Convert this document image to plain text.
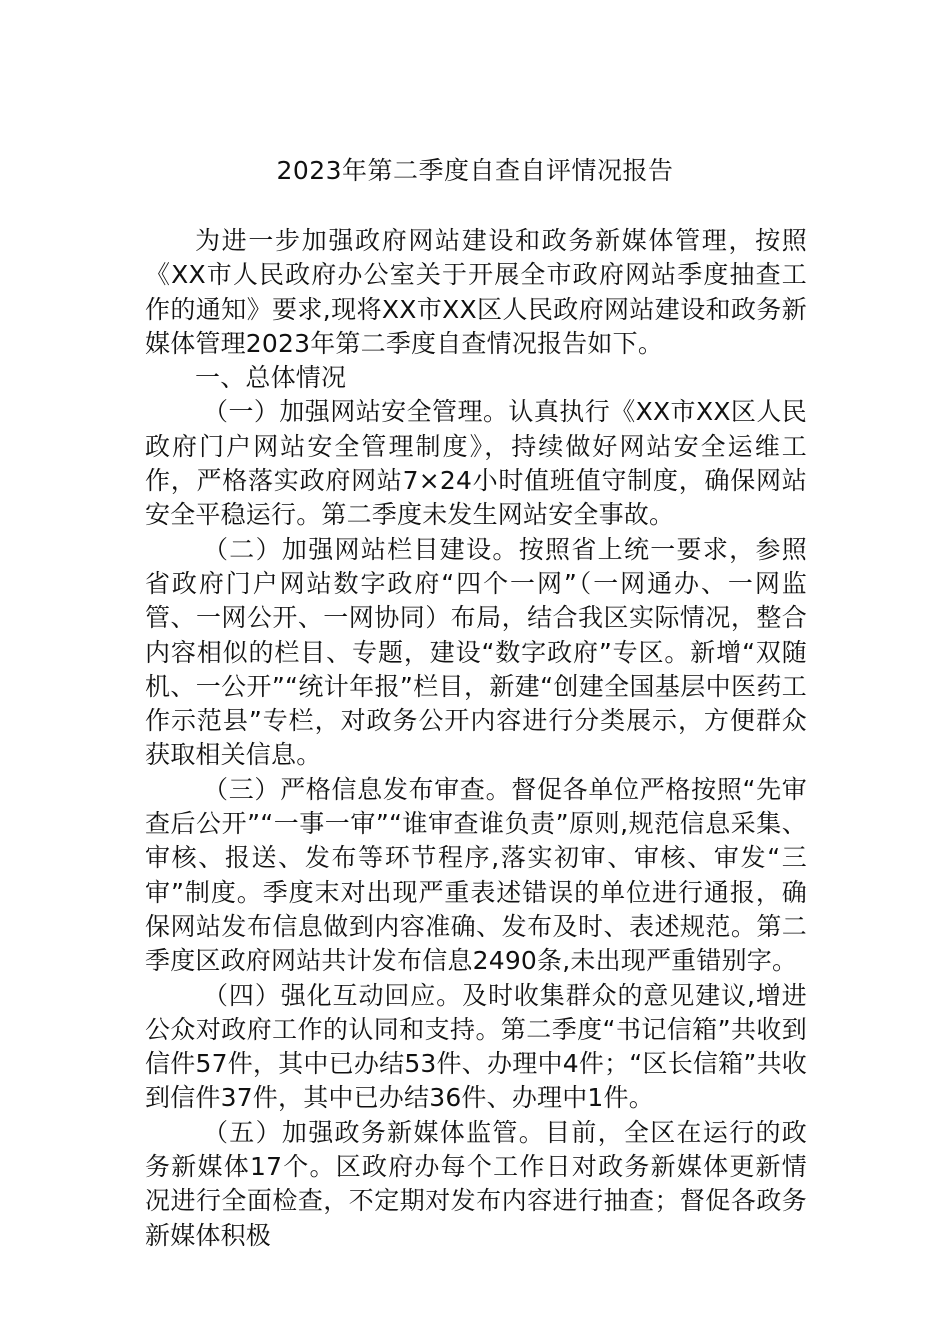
2023年第二季度自查自评情况报告

为进一步加强政府网站建设和政务新媒体管理，按照《XX市人民政府办公室关于开展全市政府网站季度抽查工作的通知》要求,现将XX市XX区人民政府网站建设和政务新媒体管理2023年第二季度自查情况报告如下。

一、总体情况

（一）加强网站安全管理。认真执行《XX市XX区人民政府门户网站安全管理制度》，持续做好网站安全运维工作，严格落实政府网站7×24小时值班值守制度，确保网站安全平稳运行。第二季度未发生网站安全事故。

（二）加强网站栏目建设。按照省上统一要求，参照省政府门户网站数字政府“四个一网”（一网通办、一网监管、一网公开、一网协同）布局，结合我区实际情况，整合内容相似的栏目、专题，建设“数字政府”专区。新增“双随机、一公开”“统计年报”栏目，新建“创建全国基层中医药工作示范县”专栏，对政务公开内容进行分类展示，方便群众获取相关信息。

（三）严格信息发布审查。督促各单位严格按照“先审查后公开”“一事一审”“谁审查谁负责”原则,规范信息采集、审核、报送、发布等环节程序,落实初审、审核、审发“三审”制度。季度末对出现严重表述错误的单位进行通报，确保网站发布信息做到内容准确、发布及时、表述规范。第二季度区政府网站共计发布信息2490条,未出现严重错别字。

（四）强化互动回应。及时收集群众的意见建议,增进公众对政府工作的认同和支持。第二季度“书记信箱”共收到信件57件，其中已办结53件、办理中4件；“区长信箱”共收到信件37件，其中已办结36件、办理中1件。

（五）加强政务新媒体监管。目前，全区在运行的政务新媒体17个。区政府办每个工作日对政务新媒体更新情况进行全面检查，不定期对发布内容进行抽查；督促各政务新媒体积极
